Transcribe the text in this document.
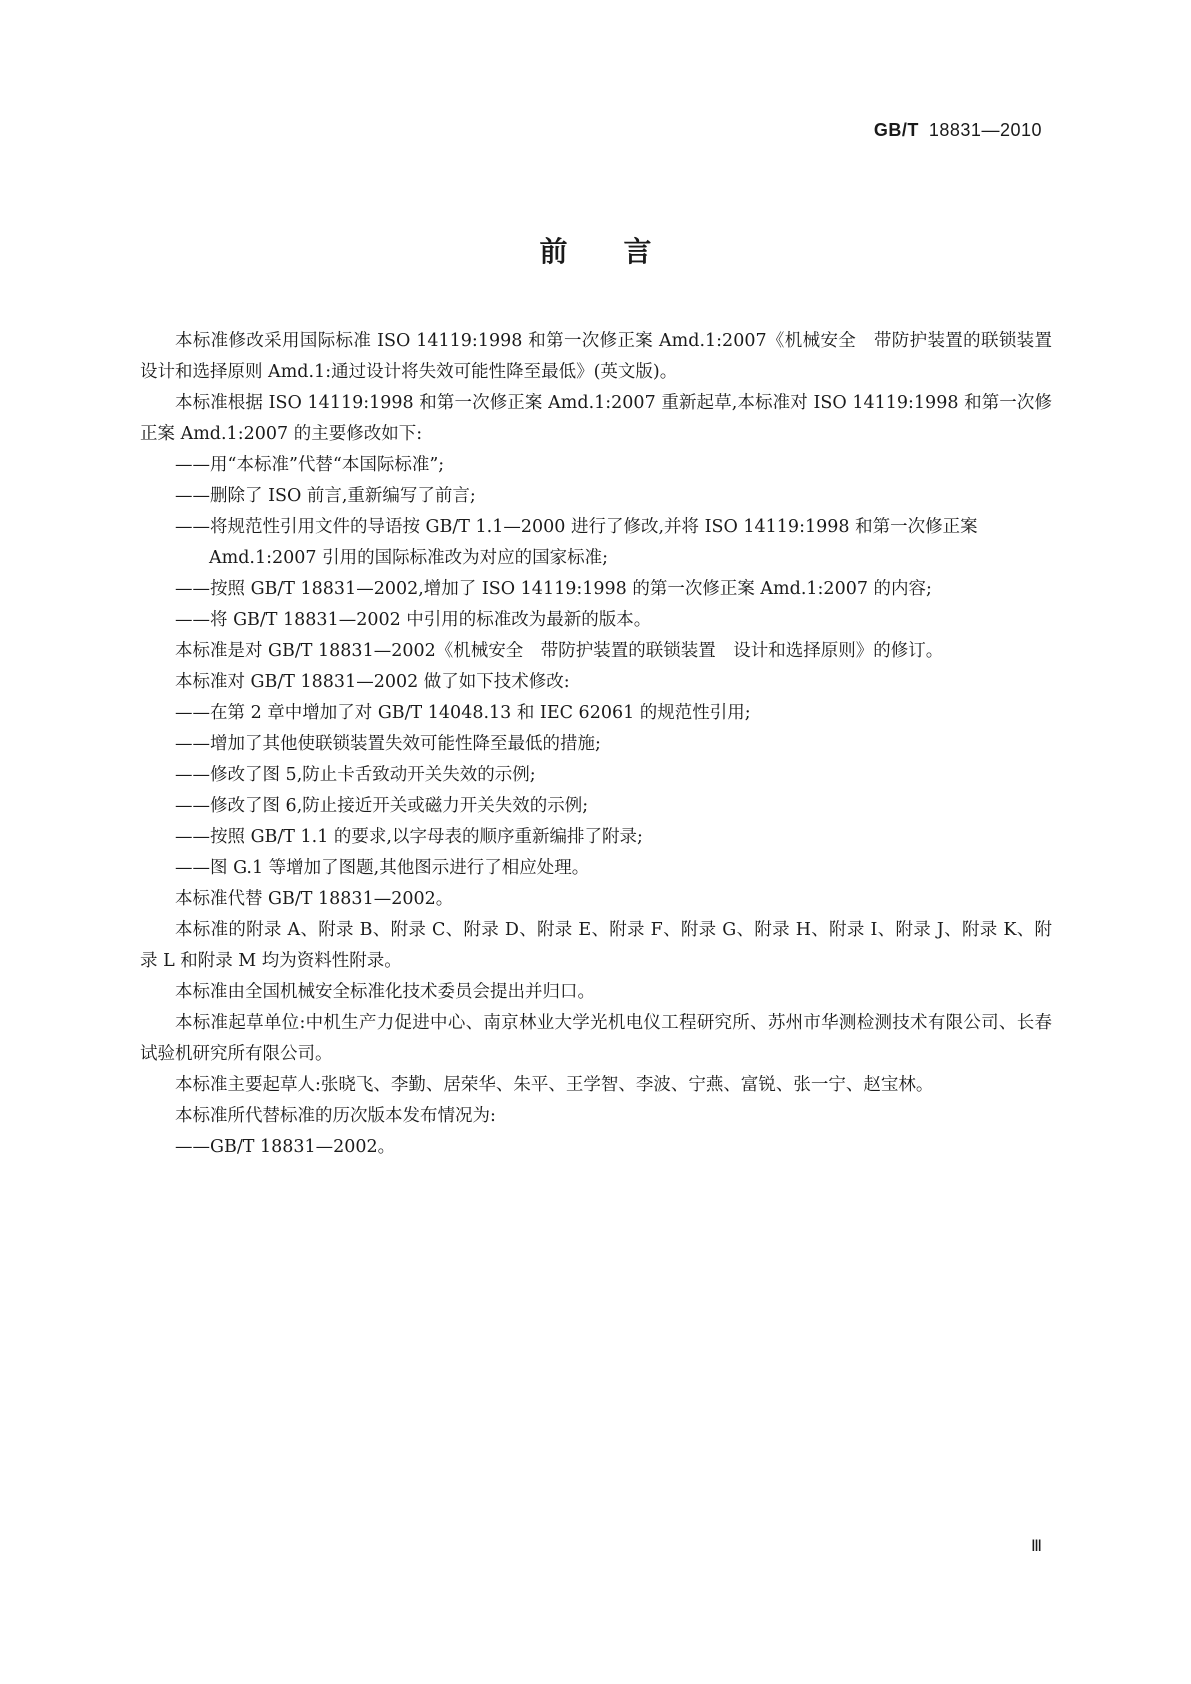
GB/T 18831—2010
前言

本标准修改采用国际标准 ISO 14119:1998 和第一次修正案 Amd.1:2007《机械安全　带防护装置的联锁装置　设计和选择原则 Amd.1:通过设计将失效可能性降至最低》(英文版)。

本标准根据 ISO 14119:1998 和第一次修正案 Amd.1:2007 重新起草,本标准对 ISO 14119:1998 和第一次修正案 Amd.1:2007 的主要修改如下:

——用“本标准”代替“本国际标准”;

——删除了 ISO 前言,重新编写了前言;

——将规范性引用文件的导语按 GB/T 1.1—2000 进行了修改,并将 ISO 14119:1998 和第一次修正案 Amd.1:2007 引用的国际标准改为对应的国家标准;

——按照 GB/T 18831—2002,增加了 ISO 14119:1998 的第一次修正案 Amd.1:2007 的内容;

——将 GB/T 18831—2002 中引用的标准改为最新的版本。

本标准是对 GB/T 18831—2002《机械安全　带防护装置的联锁装置　设计和选择原则》的修订。

本标准对 GB/T 18831—2002 做了如下技术修改:

——在第 2 章中增加了对 GB/T 14048.13 和 IEC 62061 的规范性引用;

——增加了其他使联锁装置失效可能性降至最低的措施;

——修改了图 5,防止卡舌致动开关失效的示例;

——修改了图 6,防止接近开关或磁力开关失效的示例;

——按照 GB/T 1.1 的要求,以字母表的顺序重新编排了附录;

——图 G.1 等增加了图题,其他图示进行了相应处理。

本标准代替 GB/T 18831—2002。

本标准的附录 A、附录 B、附录 C、附录 D、附录 E、附录 F、附录 G、附录 H、附录 I、附录 J、附录 K、附录 L 和附录 M 均为资料性附录。

本标准由全国机械安全标准化技术委员会提出并归口。

本标准起草单位:中机生产力促进中心、南京林业大学光机电仪工程研究所、苏州市华测检测技术有限公司、长春试验机研究所有限公司。

本标准主要起草人:张晓飞、李勤、居荣华、朱平、王学智、李波、宁燕、富锐、张一宁、赵宝林。

本标准所代替标准的历次版本发布情况为:

——GB/T 18831—2002。

Ⅲ
